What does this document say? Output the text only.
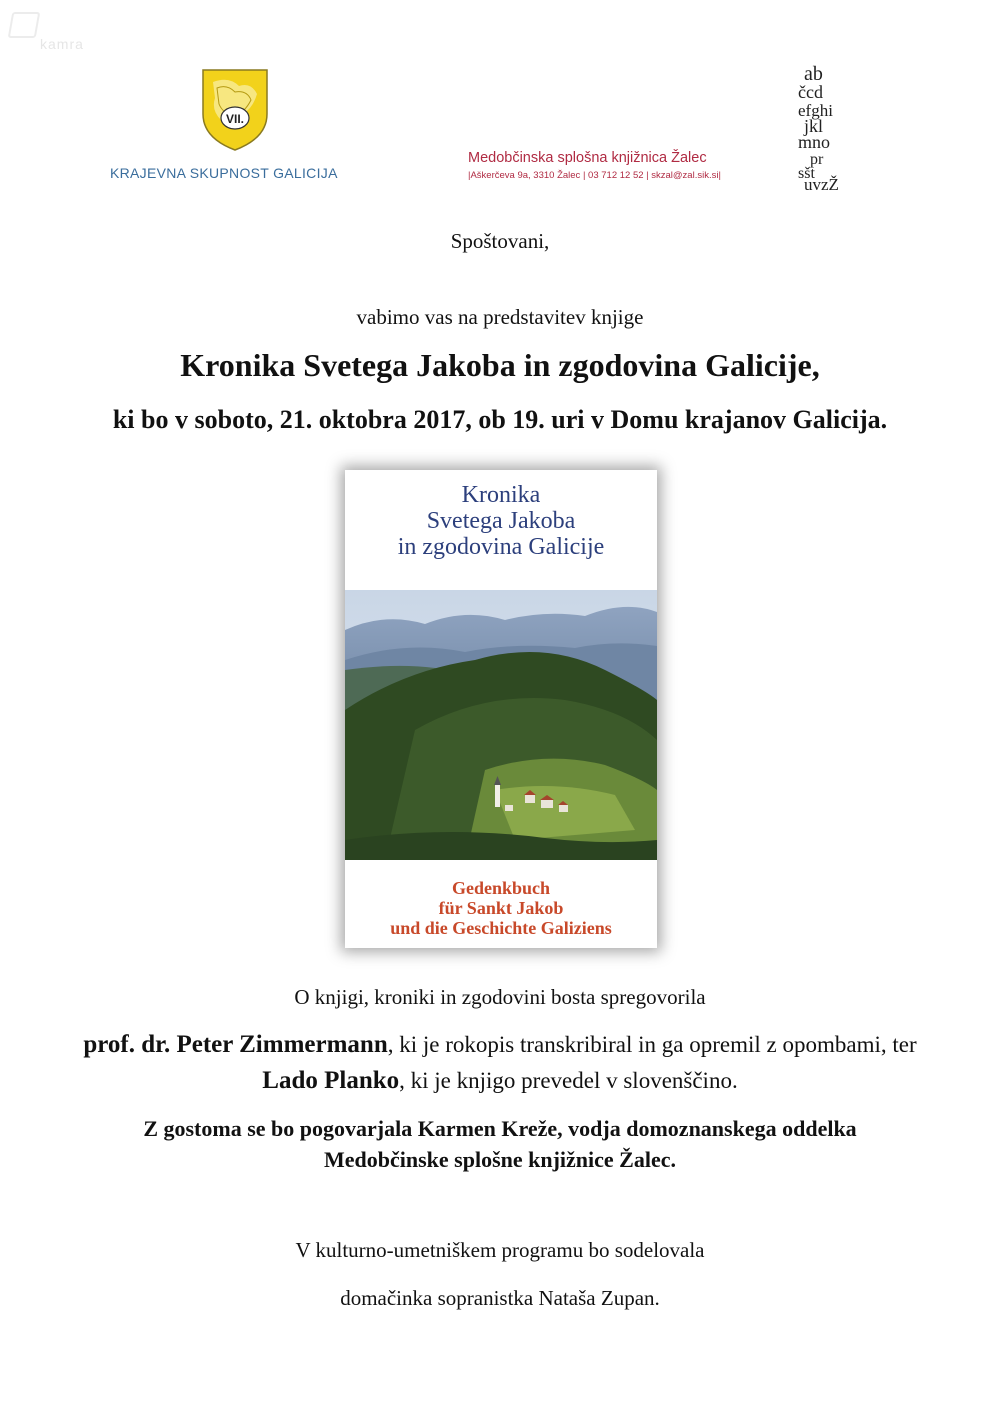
kamra
VII.
KRAJEVNA SKUPNOST GALICIJA
Medobčinska splošna knjižnica Žalec
|Aškerčeva 9a, 3310 Žalec | 03 712 12 52 | skzal@zal.sik.si|
ab
čcd
efghi
jkl
mno
pr
sšt
uvzŽ
Spoštovani,
vabimo vas na predstavitev knjige
Kronika Svetega Jakoba in zgodovina Galicije,
ki bo v soboto, 21. oktobra 2017, ob 19. uri v Domu krajanov Galicija.
Kronika
Svetega Jakoba
in zgodovina Galicije
Gedenkbuch
für Sankt Jakob
und die Geschichte Galiziens
O knjigi, kroniki in zgodovini bosta spregovorila
prof. dr. Peter Zimmermann, ki je rokopis transkribiral in ga opremil z opombami, ter Lado Planko, ki je knjigo prevedel v slovenščino.
Z gostoma se bo pogovarjala Karmen Kreže, vodja domoznanskega oddelka
Medobčinske splošne knjižnice Žalec.
V kulturno-umetniškem programu bo sodelovala
domačinka sopranistka Nataša Zupan.
